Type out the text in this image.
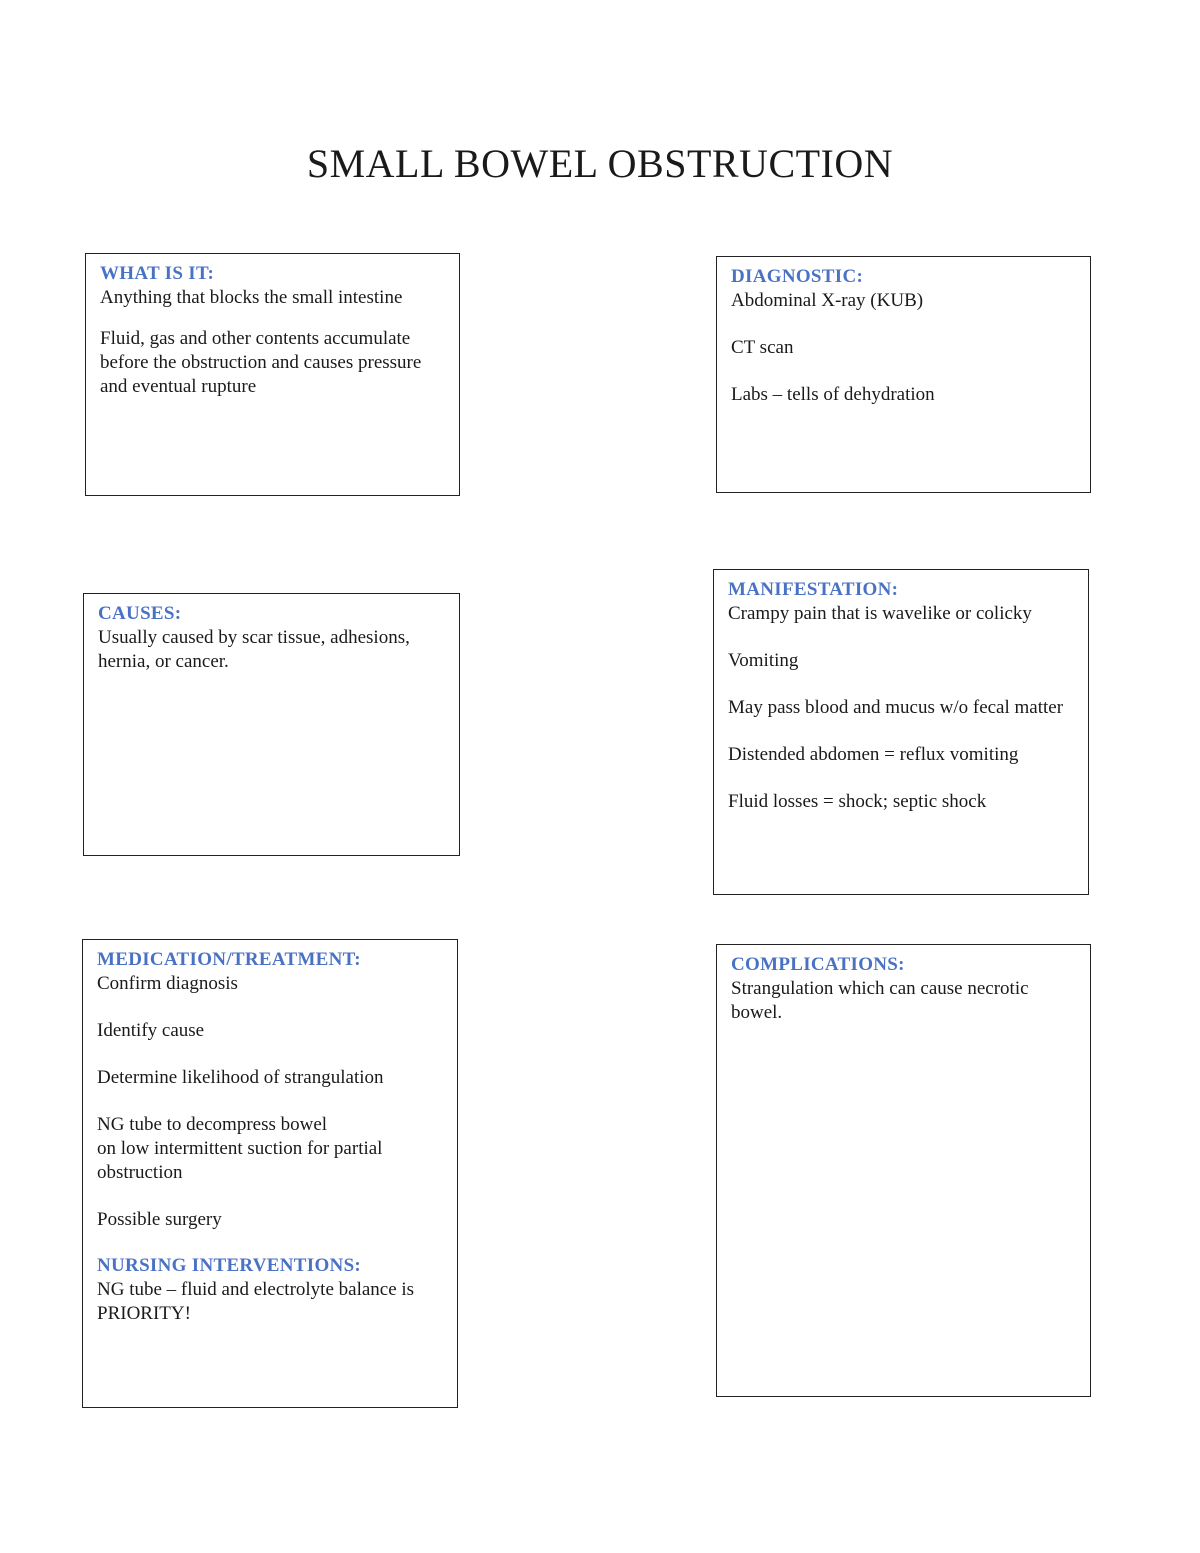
SMALL BOWEL OBSTRUCTION
WHAT IS IT:

Anything that blocks the small intestine

Fluid, gas and other contents accumulate before the obstruction and causes pressure and eventual rupture

DIAGNOSTIC:

Abdominal X-ray (KUB)

CT scan

Labs – tells of dehydration

CAUSES:

Usually caused by scar tissue, adhesions, hernia, or cancer.

MANIFESTATION:

Crampy pain that is wavelike or colicky

Vomiting

May pass blood and mucus w/o fecal matter

Distended abdomen = reflux vomiting

Fluid losses = shock; septic shock

MEDICATION/TREATMENT:

Confirm diagnosis

Identify cause

Determine likelihood of strangulation

NG tube to decompress bowel

on low intermittent suction for partial obstruction

Possible surgery

NURSING INTERVENTIONS:

NG tube – fluid and electrolyte balance is PRIORITY!

COMPLICATIONS:

Strangulation which can cause necrotic bowel.
